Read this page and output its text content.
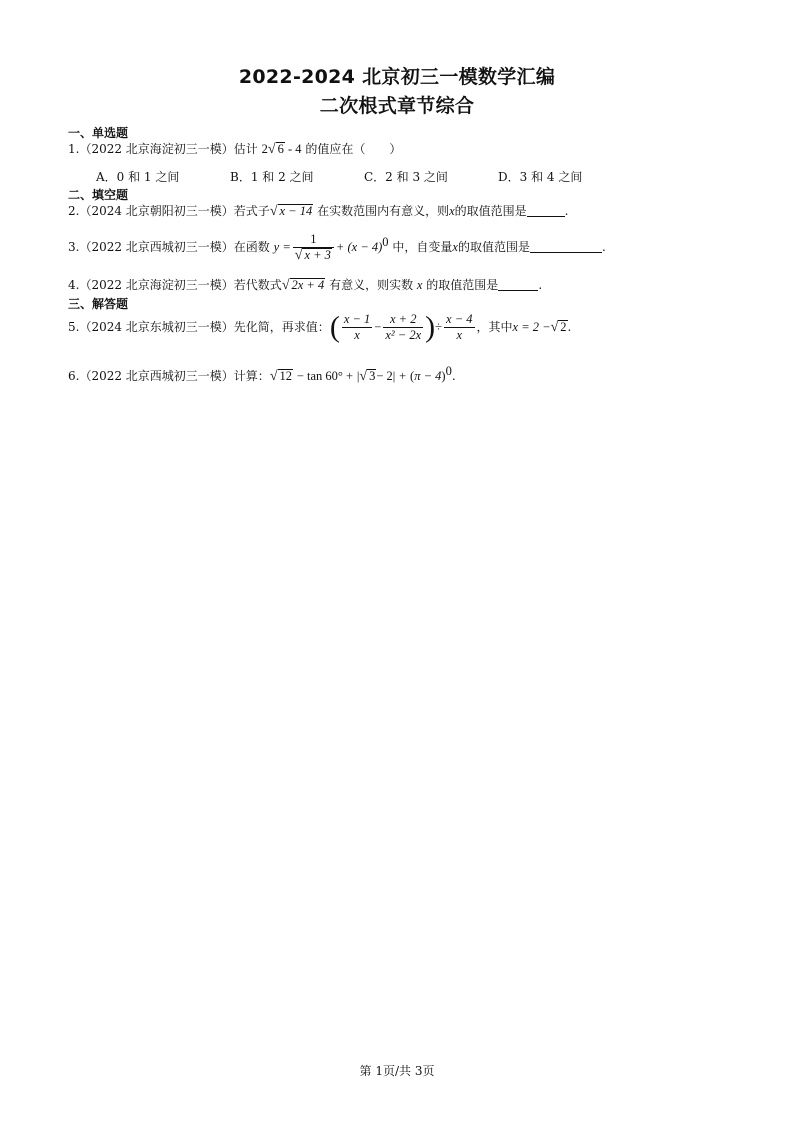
2022-2024 北京初三一模数学汇编
二次根式章节综合
一、单选题
1.（2022 北京海淀初三一模）估计 2√ 6 - 4 的值应在（　　）
A．0 和 1 之间	B．1 和 2 之间	C．2 和 3 之间	D．3 和 4 之间
二、填空题
2.（2024 北京朝阳初三一模）若式子√ x − 14 在实数范围内有意义，则x的取值范围是	.
3.（2022 北京西城初三一模）在函数 $y = \frac{1}{√ x + 3} + (x - 4)^0$ 中，自变量x的取值范围是	.
4.（2022 北京海淀初三一模）若代数式√ 2x + 4 有意义，则实数 x 的取值范围是	.
三、解答题
5.（2024 北京东城初三一模）先化简，再求值：( $\frac{x - 1}{x} - \frac{x + 2}{\text{x² − 2x}}$ )÷ $\frac{x - 4}{x}$ ，其中x = 2 −√ 2.
6.（2022 北京西城初三一模）计算：√ 12 − tan 60° + |√ $3- 2| + (\pi - 4)^0$.
第 1页/共 3页
